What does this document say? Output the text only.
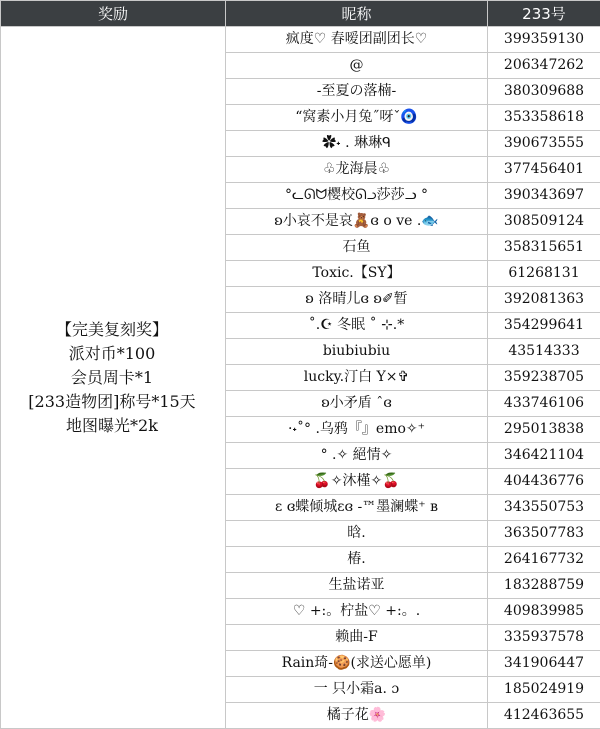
奖励	昵称	233号

【完美复刻奖】
派对币*100
会员周卡*1
[233造物团]称号*15天
地图曝光*2k	疯度♡ 春嗳团副团长♡	399359130
	@	206347262
	-至夏の落楠-	380309688
	“窝素小月兔˝呀ˇ🧿	353358618
	✿˖ . 琳琳ᑫ	390673555
	♧龙海晨♧	377456401
	°ᓚᘏᗢ樱校ᘏᓗ莎莎ᓗ °	390343697
	ʚ小哀不是哀🧸ɞ o ve .🐟	308509124
	石鱼	358315651
	Toxic.【SY】	61268131
	ʚ 洛晴儿ɞ ʚ✐暂	392081363
	˚.☪ 冬眠 ˚ ⊹.*	354299641
	biubiubiu	43514333
	lucky.汀白 Y×✞	359238705
	ʚ小矛盾 ˆɞ	433746106
	·˖˚° .乌鸦『』emo✧⁺	295013838
	° .✧ 絕情✧	346421104
	🍒✧沐槿✧🍒	404436776
	ɛ ɞ蝶倾城ɛɞ -™墨澜蝶⁺ ʙ	343550753
	晗.	363507783
	椿.	264167732
	生盐诺亚	183288759
	♡ +:。柠盐♡ +:。.	409839985
	赖曲-F	335937578
	Rain琦-🍪(求送心愿单)	341906447
	一 只小霜a. ɔ	185024919
	橘子花🌸	412463655
